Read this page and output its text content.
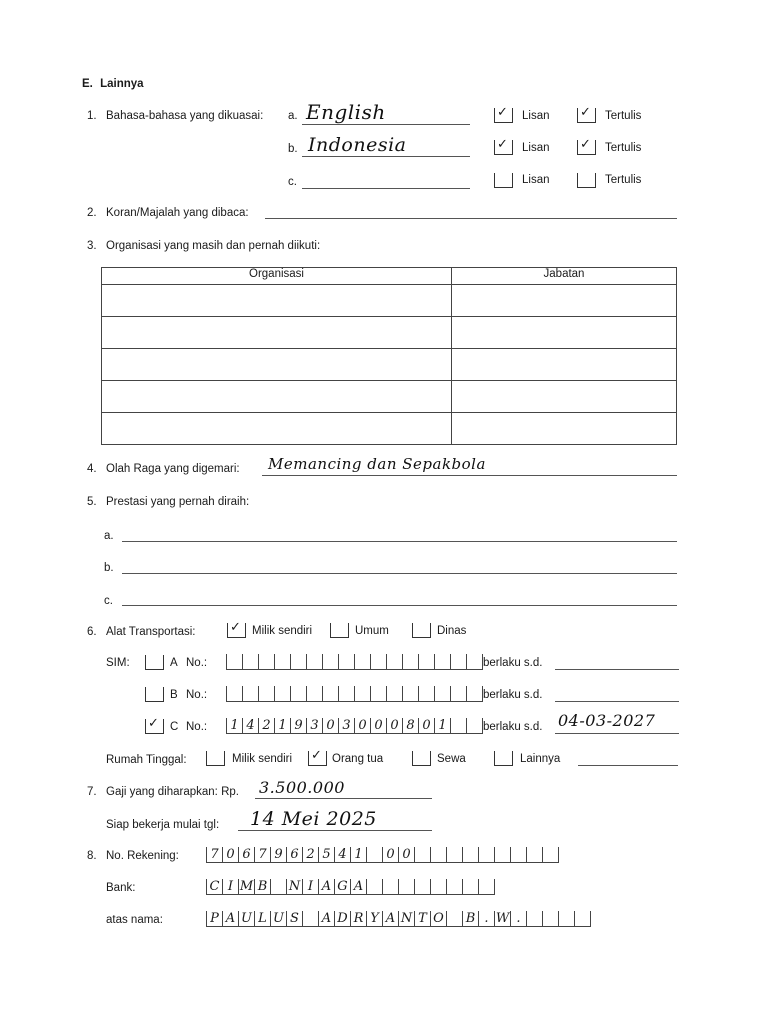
E. Lainnya
1. Bahasa-bahasa yang dikuasai: a. English	✓ Lisan ✓ Tertulis
b. Indonesia	✓ Lisan ✓ Tertulis
c.	Lisan	Tertulis
2. Koran/Majalah yang dibaca:
3. Organisasi yang masih dan pernah diikuti:
Organisasi	Jabatan

4. Olah Raga yang digemari: Memancing dan Sepakbola
5. Prestasi yang pernah diraih:
a.
b.
c.
6. Alat Transportasi:	✓ Milik sendiri	Umum	Dinas
SIM:	A No.:	berlaku s.d.
B No.:	berlaku s.d.
✓ C No.:	1 4 2 1 9 3 0 3 0 0 0 8 0 1	berlaku s.d. 04-03-2027
Rumah Tinggal:	Milik sendiri ✓ Orang tua	Sewa	Lainnya
7. Gaji yang diharapkan: Rp. 3.500.000
Siap bekerja mulai tgl: 14 Mei 2025
8. No. Rekening:	7 0 6 7 9 6 2 5 4 1	0 0
Bank:	C I M B N I A G A
atas nama:	P A U L U S A D R Y A N T O B . W .
